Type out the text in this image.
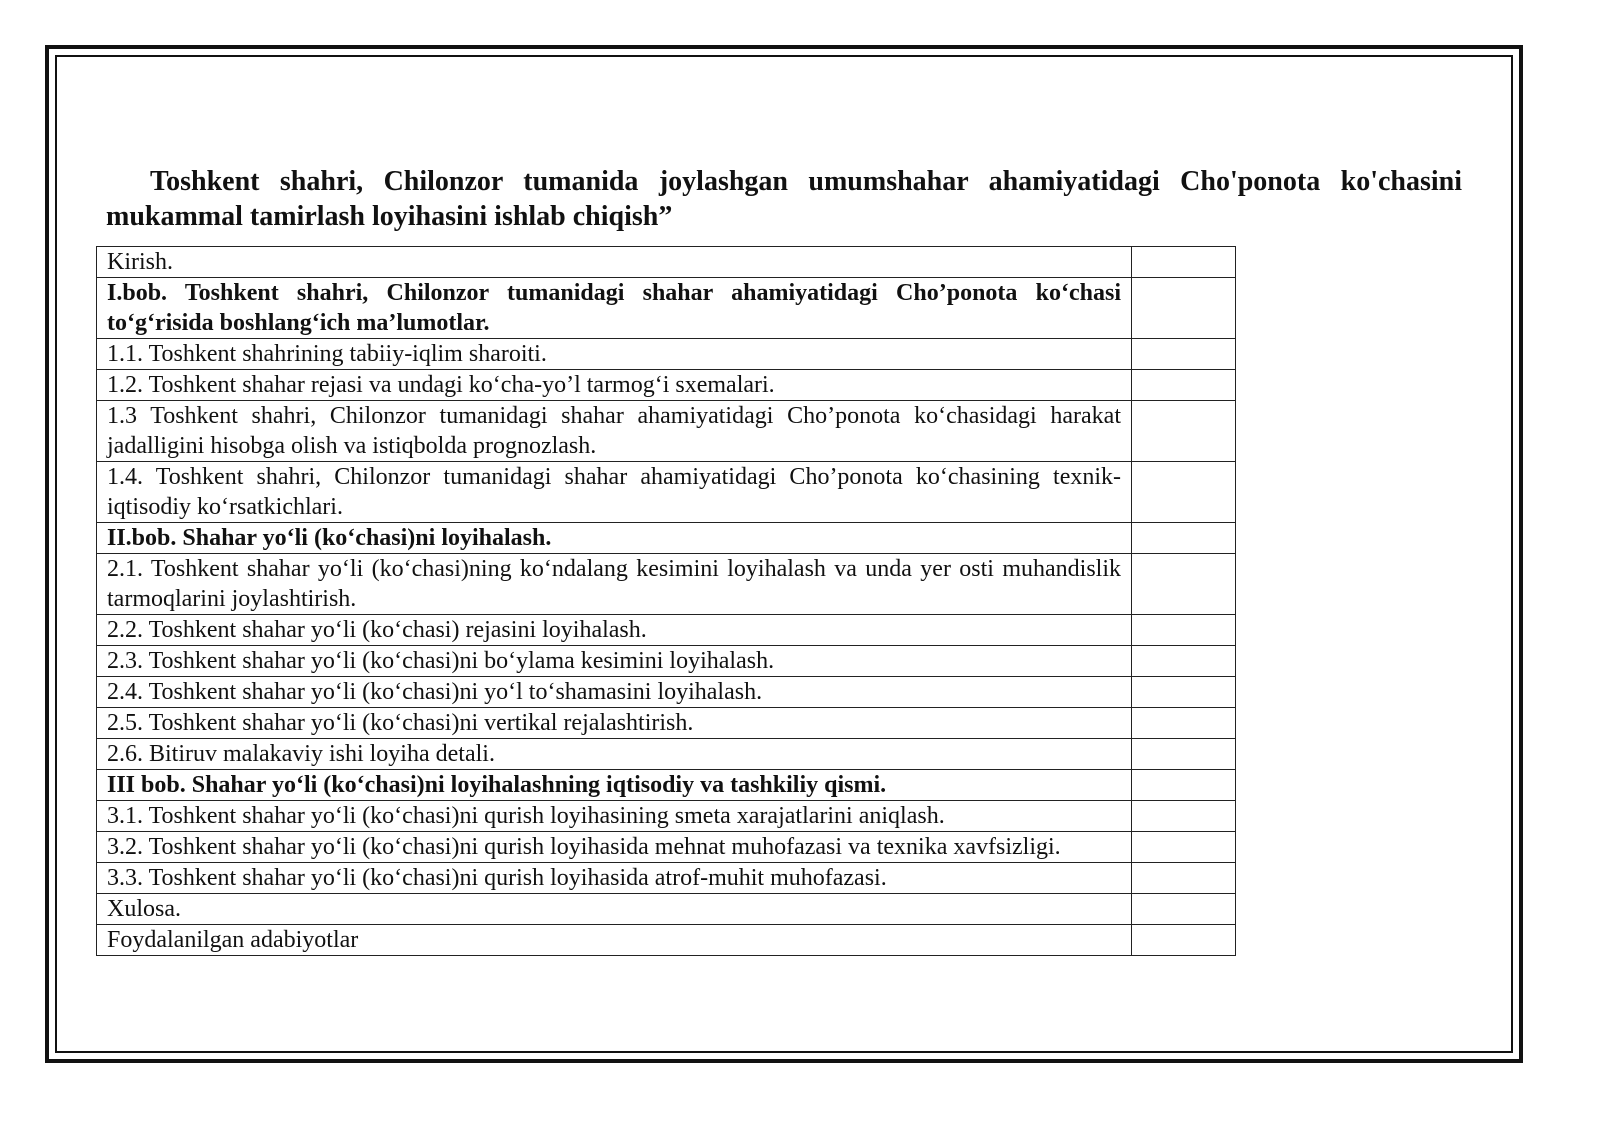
Toshkent shahri, Chilonzor tumanida joylashgan umumshahar ahamiyatidagi Cho'ponota ko'chasini mukammal tamirlash loyihasini ishlab chiqish”

Kirish.	
I.bob. Toshkent shahri, Chilonzor tumanidagi shahar ahamiyatidagi Cho’ponota ko‘chasi to‘g‘risida boshlang‘ich ma’lumotlar.	
1.1. Toshkent shahrining tabiiy-iqlim sharoiti.	
1.2. Toshkent shahar rejasi va undagi ko‘cha-yo’l tarmog‘i sxemalari.	
1.3 Toshkent shahri, Chilonzor tumanidagi shahar ahamiyatidagi Cho’ponota ko‘chasidagi harakat jadalligini hisobga olish va istiqbolda prognozlash.	
1.4. Toshkent shahri, Chilonzor tumanidagi shahar ahamiyatidagi Cho’ponota ko‘chasining texnik-iqtisodiy ko‘rsatkichlari.	
II.bob. Shahar yo‘li (ko‘chasi)ni loyihalash.	
2.1. Toshkent shahar yo‘li (ko‘chasi)ning ko‘ndalang kesimini loyihalash va unda yer osti muhandislik tarmoqlarini joylashtirish.	
2.2. Toshkent shahar yo‘li (ko‘chasi) rejasini loyihalash.	
2.3. Toshkent shahar yo‘li (ko‘chasi)ni bo‘ylama kesimini loyihalash.	
2.4. Toshkent shahar yo‘li (ko‘chasi)ni yo‘l to‘shamasini loyihalash.	
2.5. Toshkent shahar yo‘li (ko‘chasi)ni vertikal rejalashtirish.	
2.6. Bitiruv malakaviy ishi loyiha detali.	
III bob. Shahar yo‘li (ko‘chasi)ni loyihalashning iqtisodiy va tashkiliy qismi.	
3.1. Toshkent shahar yo‘li (ko‘chasi)ni qurish loyihasining smeta xarajatlarini aniqlash.	
3.2. Toshkent shahar yo‘li (ko‘chasi)ni qurish loyihasida mehnat muhofazasi va texnika xavfsizligi.	
3.3. Toshkent shahar yo‘li (ko‘chasi)ni qurish loyihasida atrof-muhit muhofazasi.	
Xulosa.	
Foydalanilgan adabiyotlar	
